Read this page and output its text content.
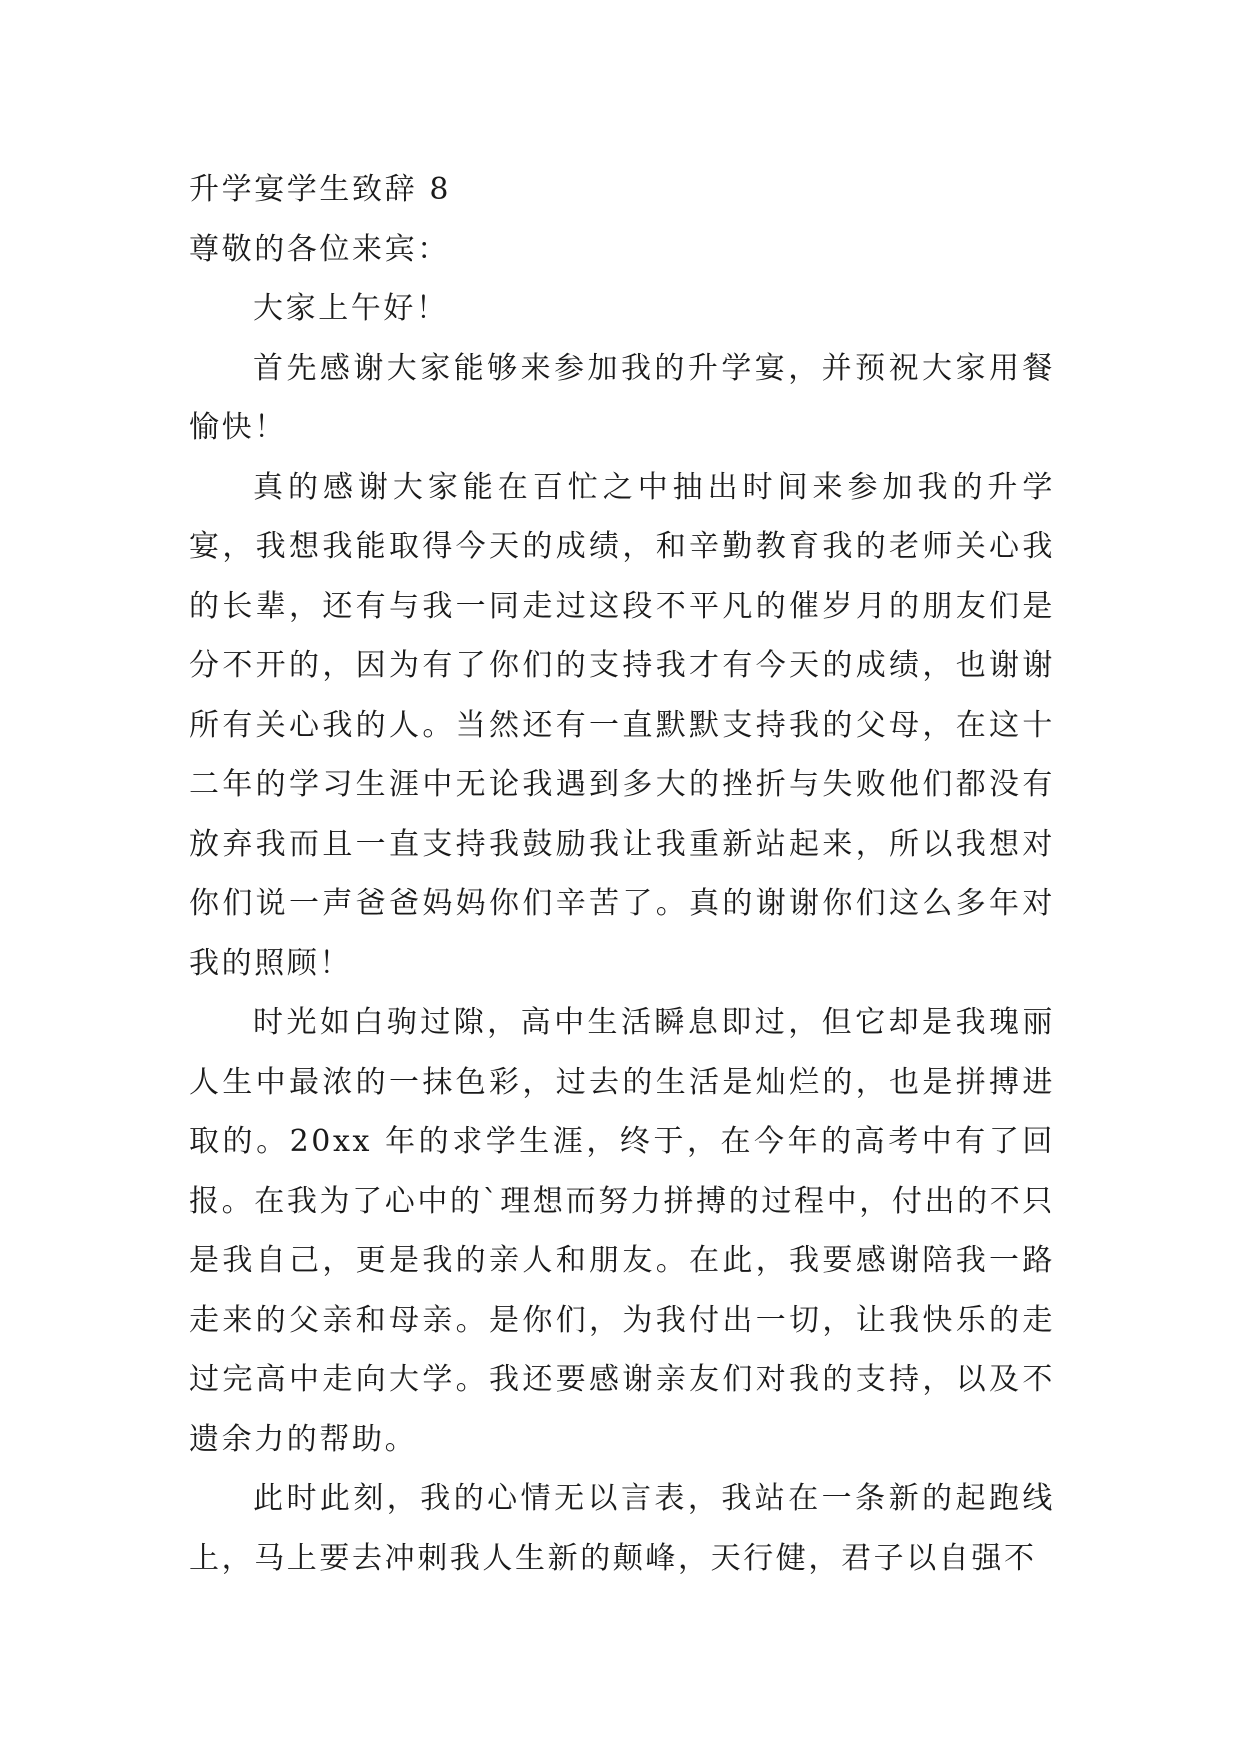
升学宴学生致辞 8

尊敬的各位来宾：

大家上午好！

首先感谢大家能够来参加我的升学宴，并预祝大家用餐愉快！

真的感谢大家能在百忙之中抽出时间来参加我的升学宴，我想我能取得今天的成绩，和辛勤教育我的老师关心我的长辈，还有与我一同走过这段不平凡的催岁月的朋友们是分不开的，因为有了你们的支持我才有今天的成绩，也谢谢所有关心我的人。当然还有一直默默支持我的父母，在这十二年的学习生涯中无论我遇到多大的挫折与失败他们都没有放弃我而且一直支持我鼓励我让我重新站起来，所以我想对你们说一声爸爸妈妈你们辛苦了。真的谢谢你们这么多年对我的照顾！

时光如白驹过隙，高中生活瞬息即过，但它却是我瑰丽人生中最浓的一抹色彩，过去的生活是灿烂的，也是拼搏进取的。20xx 年的求学生涯，终于，在今年的高考中有了回报。在我为了心中的`理想而努力拼搏的过程中，付出的不只是我自己，更是我的亲人和朋友。在此，我要感谢陪我一路走来的父亲和母亲。是你们，为我付出一切，让我快乐的走过完高中走向大学。我还要感谢亲友们对我的支持，以及不遗余力的帮助。

此时此刻，我的心情无以言表，我站在一条新的起跑线上，马上要去冲刺我人生新的颠峰，天行健，君子以自强不
